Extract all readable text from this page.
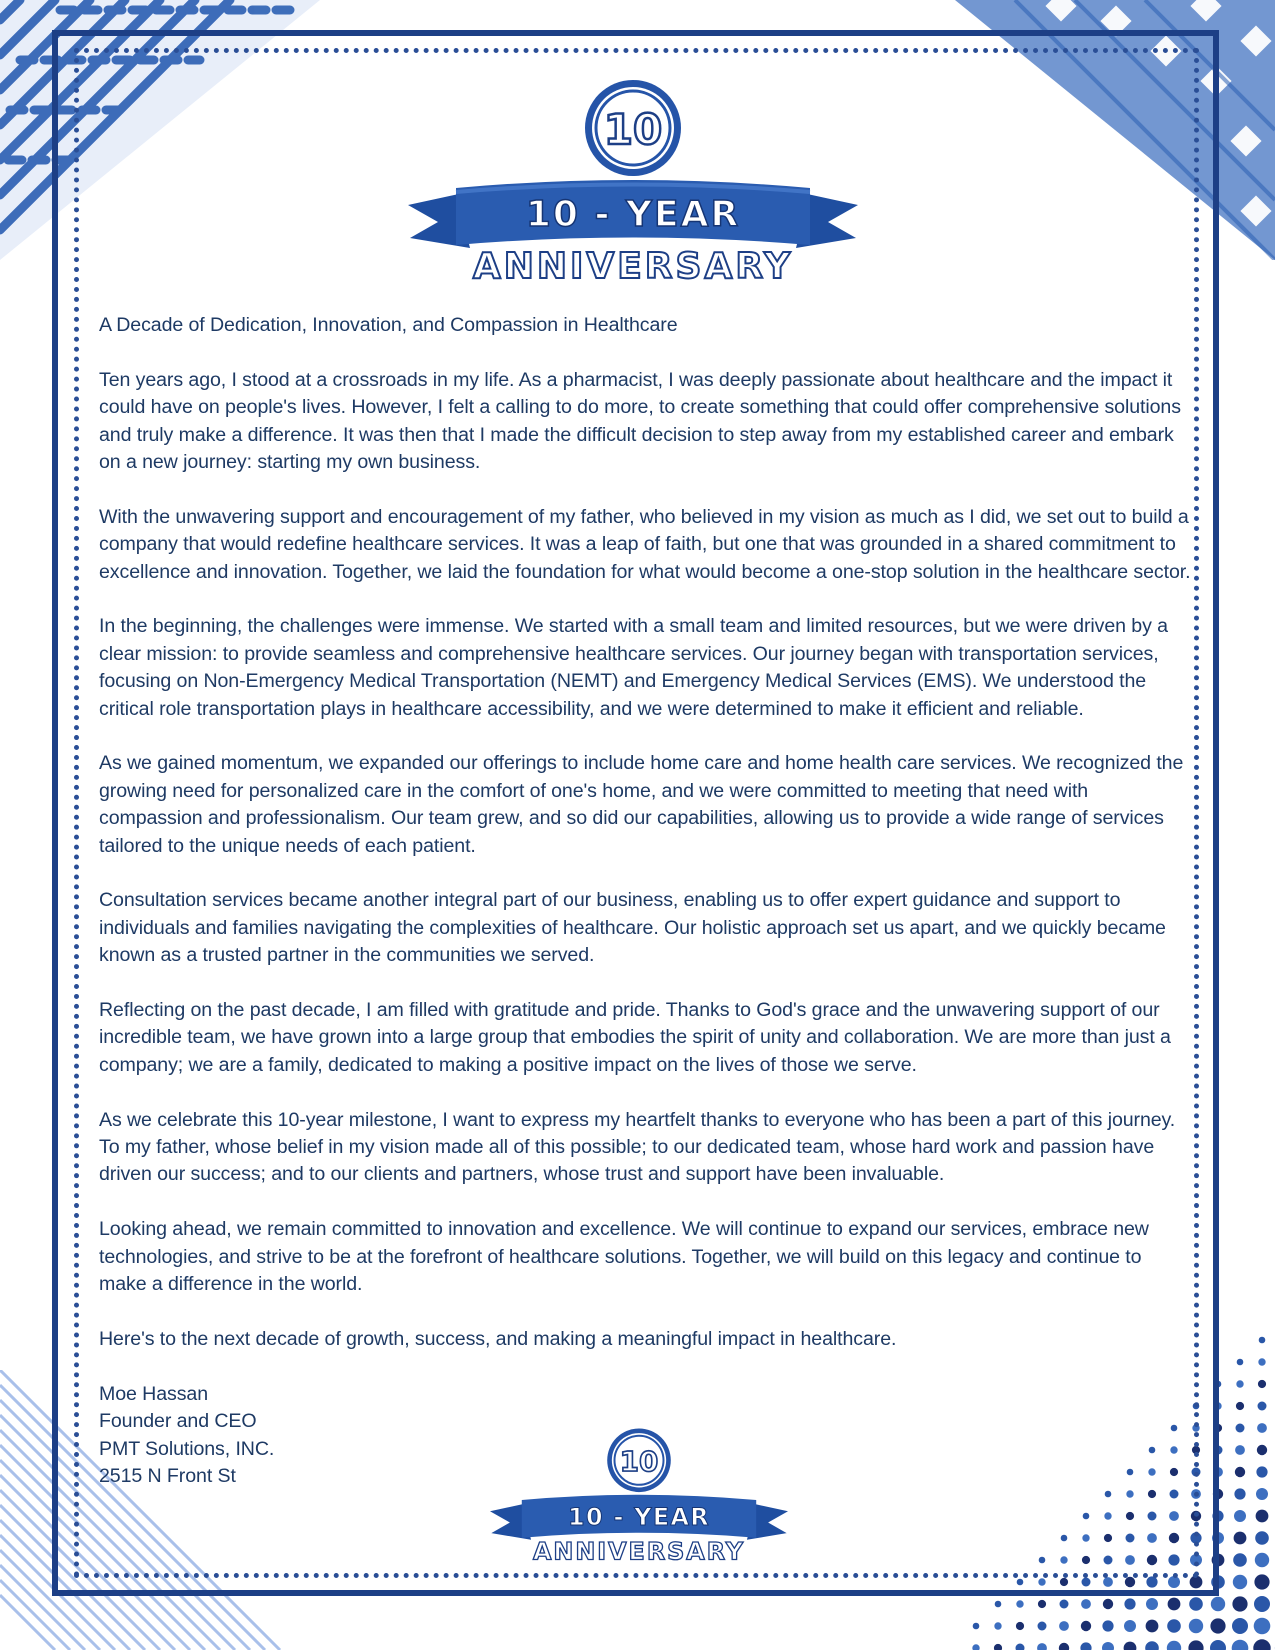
10
10 - YEAR
ANNIVERSARY

A Decade of Dedication, Innovation, and Compassion in Healthcare

Ten years ago, I stood at a crossroads in my life. As a pharmacist, I was deeply passionate about healthcare and the impact it could have on people's lives. However, I felt a calling to do more, to create something that could offer comprehensive solutions and truly make a difference. It was then that I made the difficult decision to step away from my established career and embark on a new journey: starting my own business.

With the unwavering support and encouragement of my father, who believed in my vision as much as I did, we set out to build a company that would redefine healthcare services. It was a leap of faith, but one that was grounded in a shared commitment to excellence and innovation. Together, we laid the foundation for what would become a one-stop solution in the healthcare sector.

In the beginning, the challenges were immense. We started with a small team and limited resources, but we were driven by a clear mission: to provide seamless and comprehensive healthcare services. Our journey began with transportation services, focusing on Non-Emergency Medical Transportation (NEMT) and Emergency Medical Services (EMS). We understood the critical role transportation plays in healthcare accessibility, and we were determined to make it efficient and reliable.

As we gained momentum, we expanded our offerings to include home care and home health care services. We recognized the growing need for personalized care in the comfort of one's home, and we were committed to meeting that need with compassion and professionalism. Our team grew, and so did our capabilities, allowing us to provide a wide range of services tailored to the unique needs of each patient.

Consultation services became another integral part of our business, enabling us to offer expert guidance and support to individuals and families navigating the complexities of healthcare. Our holistic approach set us apart, and we quickly became known as a trusted partner in the communities we served.

Reflecting on the past decade, I am filled with gratitude and pride. Thanks to God's grace and the unwavering support of our incredible team, we have grown into a large group that embodies the spirit of unity and collaboration. We are more than just a company; we are a family, dedicated to making a positive impact on the lives of those we serve.

As we celebrate this 10-year milestone, I want to express my heartfelt thanks to everyone who has been a part of this journey. To my father, whose belief in my vision made all of this possible; to our dedicated team, whose hard work and passion have driven our success; and to our clients and partners, whose trust and support have been invaluable.

Looking ahead, we remain committed to innovation and excellence. We will continue to expand our services, embrace new technologies, and strive to be at the forefront of healthcare solutions. Together, we will build on this legacy and continue to make a difference in the world.

Here's to the next decade of growth, success, and making a meaningful impact in healthcare.

Moe Hassan
Founder and CEO
PMT Solutions, INC.
2515 N Front St	10
10 - YEAR
ANNIVERSARY
